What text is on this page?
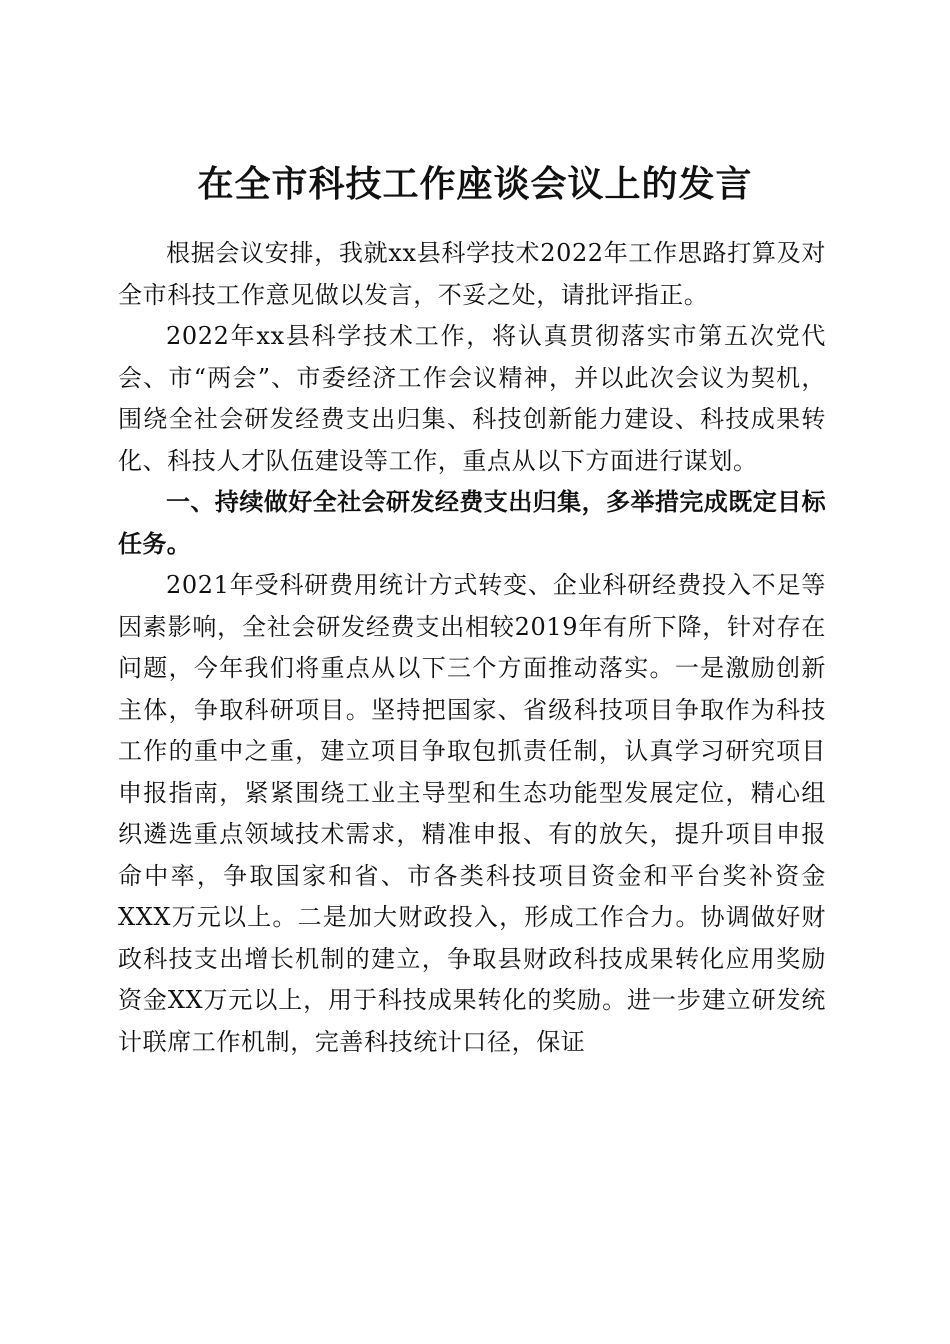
在全市科技工作座谈会议上的发言

根据会议安排，我就xx县科学技术2022年工作思路打算及对全市科技工作意见做以发言，不妥之处，请批评指正。

2022年xx县科学技术工作，将认真贯彻落实市第五次党代会、市“两会”、市委经济工作会议精神，并以此次会议为契机，围绕全社会研发经费支出归集、科技创新能力建设、科技成果转化、科技人才队伍建设等工作，重点从以下方面进行谋划。

一、持续做好全社会研发经费支出归集，多举措完成既定目标任务。

2021年受科研费用统计方式转变、企业科研经费投入不足等因素影响，全社会研发经费支出相较2019年有所下降，针对存在问题，今年我们将重点从以下三个方面推动落实。一是激励创新主体，争取科研项目。坚持把国家、省级科技项目争取作为科技工作的重中之重，建立项目争取包抓责任制，认真学习研究项目申报指南，紧紧围绕工业主导型和生态功能型发展定位，精心组织遴选重点领域技术需求，精准申报、有的放矢，提升项目申报命中率，争取国家和省、市各类科技项目资金和平台奖补资金XXX万元以上。二是加大财政投入，形成工作合力。协调做好财政科技支出增长机制的建立，争取县财政科技成果转化应用奖励资金XX万元以上，用于科技成果转化的奖励。进一步建立研发统计联席工作机制，完善科技统计口径，保证
